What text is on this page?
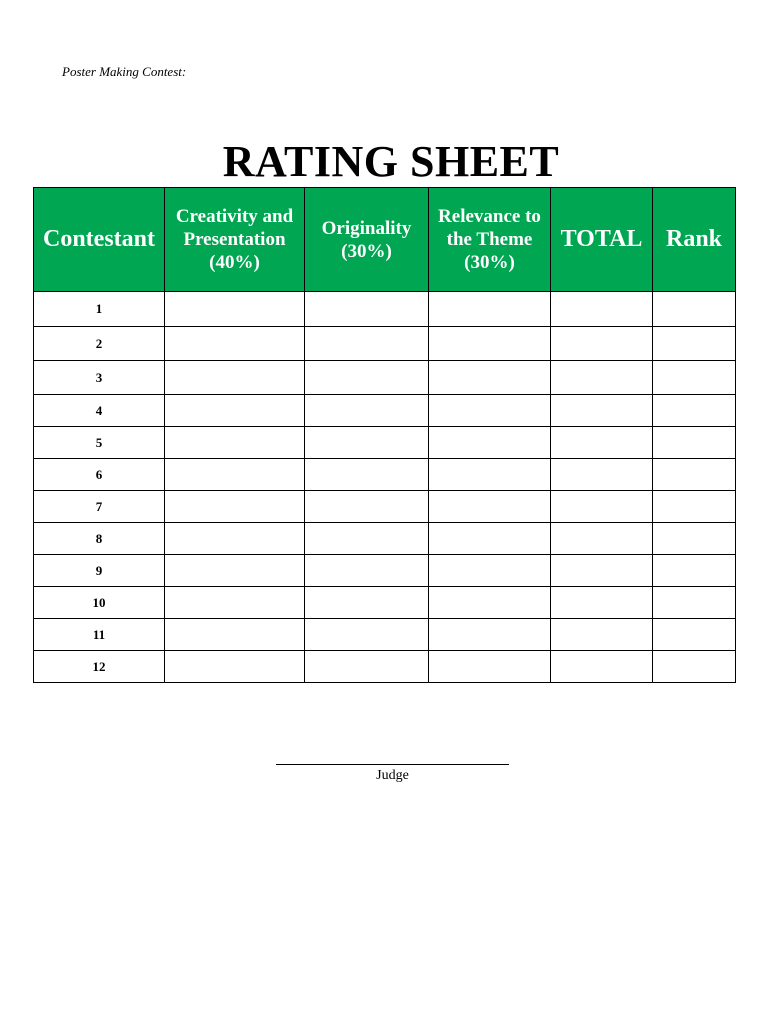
Poster Making Contest:
RATING SHEET
Contestant	Creativity and Presentation (40%)	Originality (30%)	Relevance to the Theme (30%)	TOTAL	Rank
1					
2					
3					
4					
5					
6					
7					
8					
9					
10					
11					
12					
Judge
